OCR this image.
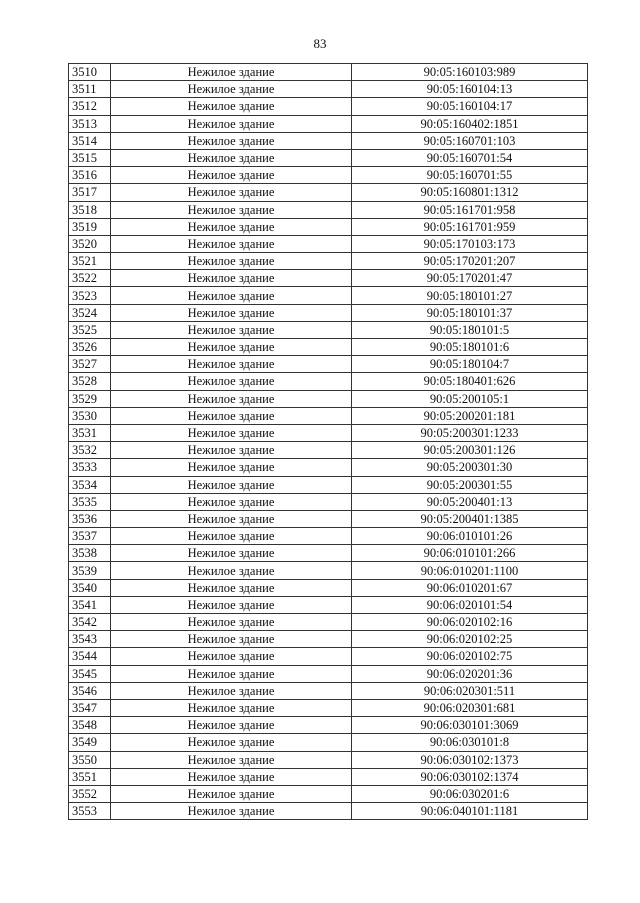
83
3510	Нежилое здание	90:05:160103:989
3511	Нежилое здание	90:05:160104:13
3512	Нежилое здание	90:05:160104:17
3513	Нежилое здание	90:05:160402:1851
3514	Нежилое здание	90:05:160701:103
3515	Нежилое здание	90:05:160701:54
3516	Нежилое здание	90:05:160701:55
3517	Нежилое здание	90:05:160801:1312
3518	Нежилое здание	90:05:161701:958
3519	Нежилое здание	90:05:161701:959
3520	Нежилое здание	90:05:170103:173
3521	Нежилое здание	90:05:170201:207
3522	Нежилое здание	90:05:170201:47
3523	Нежилое здание	90:05:180101:27
3524	Нежилое здание	90:05:180101:37
3525	Нежилое здание	90:05:180101:5
3526	Нежилое здание	90:05:180101:6
3527	Нежилое здание	90:05:180104:7
3528	Нежилое здание	90:05:180401:626
3529	Нежилое здание	90:05:200105:1
3530	Нежилое здание	90:05:200201:181
3531	Нежилое здание	90:05:200301:1233
3532	Нежилое здание	90:05:200301:126
3533	Нежилое здание	90:05:200301:30
3534	Нежилое здание	90:05:200301:55
3535	Нежилое здание	90:05:200401:13
3536	Нежилое здание	90:05:200401:1385
3537	Нежилое здание	90:06:010101:26
3538	Нежилое здание	90:06:010101:266
3539	Нежилое здание	90:06:010201:1100
3540	Нежилое здание	90:06:010201:67
3541	Нежилое здание	90:06:020101:54
3542	Нежилое здание	90:06:020102:16
3543	Нежилое здание	90:06:020102:25
3544	Нежилое здание	90:06:020102:75
3545	Нежилое здание	90:06:020201:36
3546	Нежилое здание	90:06:020301:511
3547	Нежилое здание	90:06:020301:681
3548	Нежилое здание	90:06:030101:3069
3549	Нежилое здание	90:06:030101:8
3550	Нежилое здание	90:06:030102:1373
3551	Нежилое здание	90:06:030102:1374
3552	Нежилое здание	90:06:030201:6
3553	Нежилое здание	90:06:040101:1181
